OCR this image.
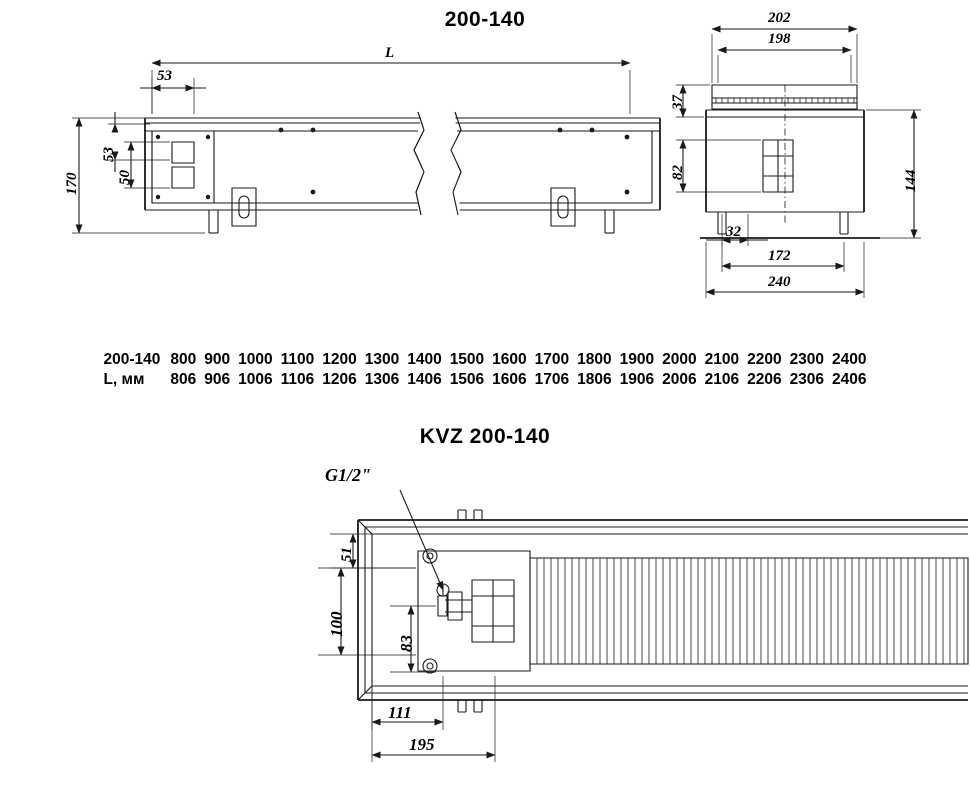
200-140
KVZ 200-140
L
53
170
53
50
202
198
37
82	144
32
172
240
G1/2"
51
100
83
111
195
200-140	800	900	1000	1100	1200	1300	1400	1500	1600	1700	1800	1900	2000	2100	2200	2300	2400
L, мм	806	906	1006	1106	1206	1306	1406	1506	1606	1706	1806	1906	2006	2106	2206	2306	2406
